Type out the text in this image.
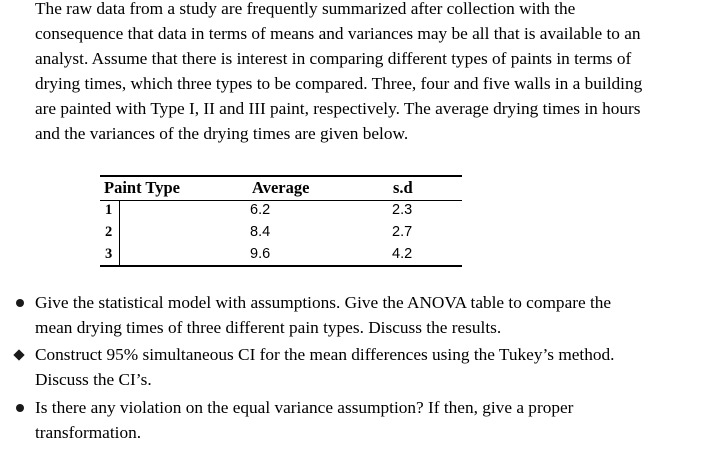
The raw data from a study are frequently summarized after collection with the
consequence that data in terms of means and variances may be all that is available to an
analyst. Assume that there is interest in comparing different types of paints in terms of
drying times, which three types to be compared. Three, four and five walls in a building
are painted with Type I, II and III paint, respectively. The average drying times in hours
and the variances of the drying times are given below.
Paint Type	Average	s.d
1	6.2	2.3
2	8.4	2.7
3	9.6	4.2
Give the statistical model with assumptions. Give the ANOVA table to compare the
mean drying times of three different pain types. Discuss the results.
Construct 95% simultaneous CI for the mean differences using the Tukey’s method.
Discuss the CI’s.
Is there any violation on the equal variance assumption? If then, give a proper
transformation.
